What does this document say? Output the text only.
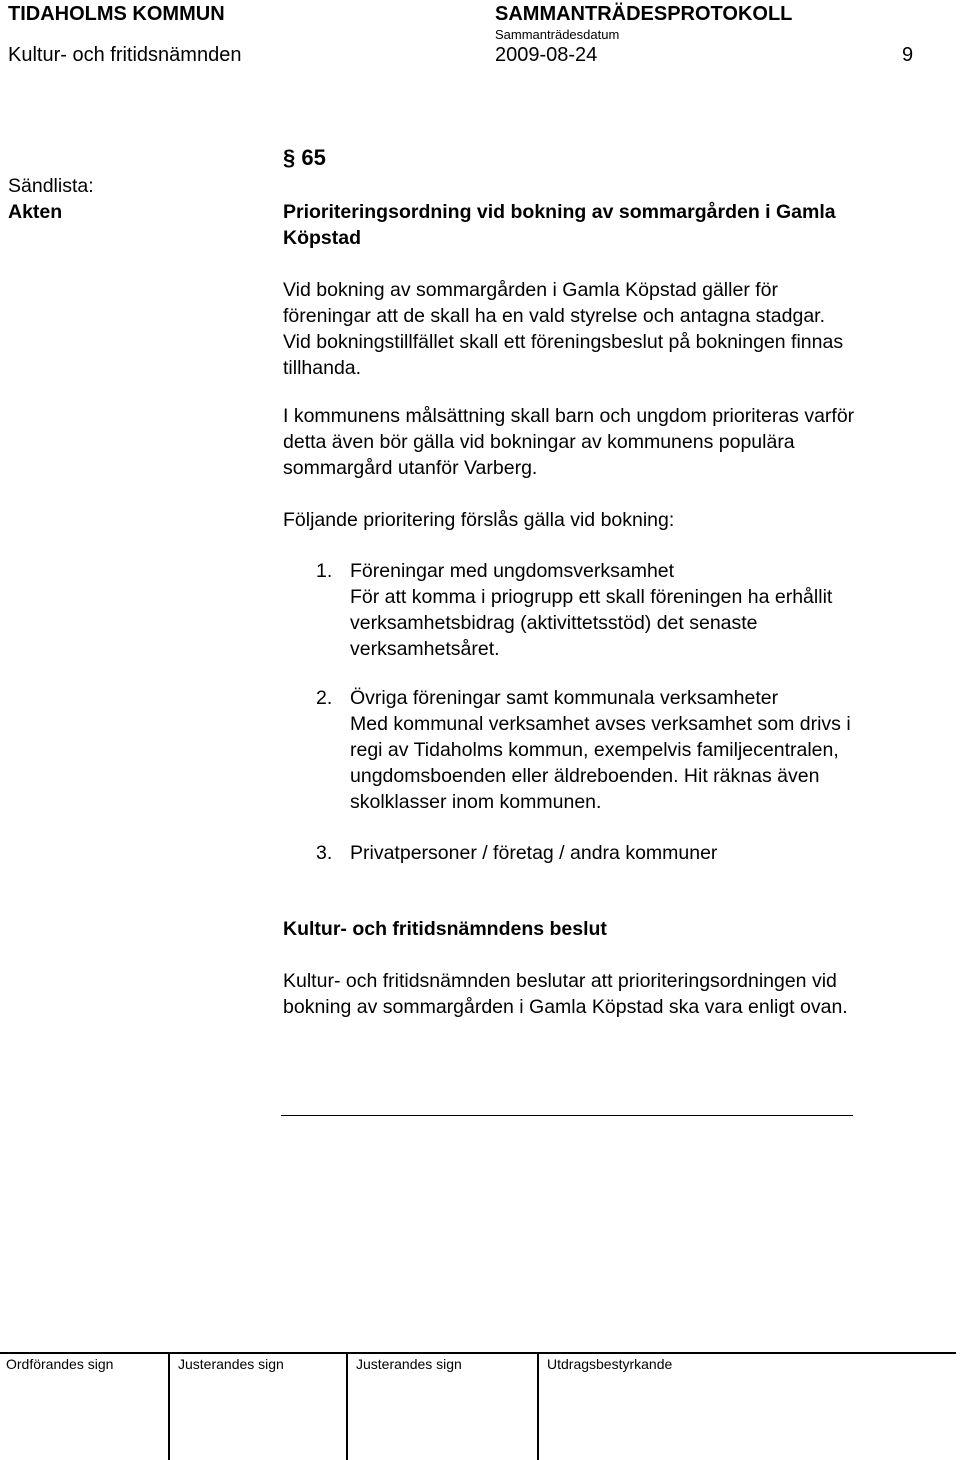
TIDAHOLMS KOMMUN	SAMMANTRÄDESPROTOKOLL
Sammanträdesdatum
Kultur- och fritidsnämnden	2009-08-24	9
Sändlista:
Akten
§ 65
Prioriteringsordning vid bokning av sommargården i Gamla
Köpstad
Vid bokning av sommargården i Gamla Köpstad gäller för
föreningar att de skall ha en vald styrelse och antagna stadgar.
Vid bokningstillfället skall ett föreningsbeslut på bokningen finnas
tillhanda.
I kommunens målsättning skall barn och ungdom prioriteras varför
detta även bör gälla vid bokningar av kommunens populära
sommargård utanför Varberg.
Följande prioritering förslås gälla vid bokning:
1. Föreningar med ungdomsverksamhet
För att komma i priogrupp ett skall föreningen ha erhållit
verksamhetsbidrag (aktivittetsstöd) det senaste
verksamhetsåret.
2. Övriga föreningar samt kommunala verksamheter
Med kommunal verksamhet avses verksamhet som drivs i
regi av Tidaholms kommun, exempelvis familjecentralen,
ungdomsboenden eller äldreboenden. Hit räknas även
skolklasser inom kommunen.
3. Privatpersoner / företag / andra kommuner
Kultur- och fritidsnämndens beslut
Kultur- och fritidsnämnden beslutar att prioriteringsordningen vid
bokning av sommargården i Gamla Köpstad ska vara enligt ovan.
Ordförandes sign	Justerandes sign	Justerandes sign	Utdragsbestyrkande
